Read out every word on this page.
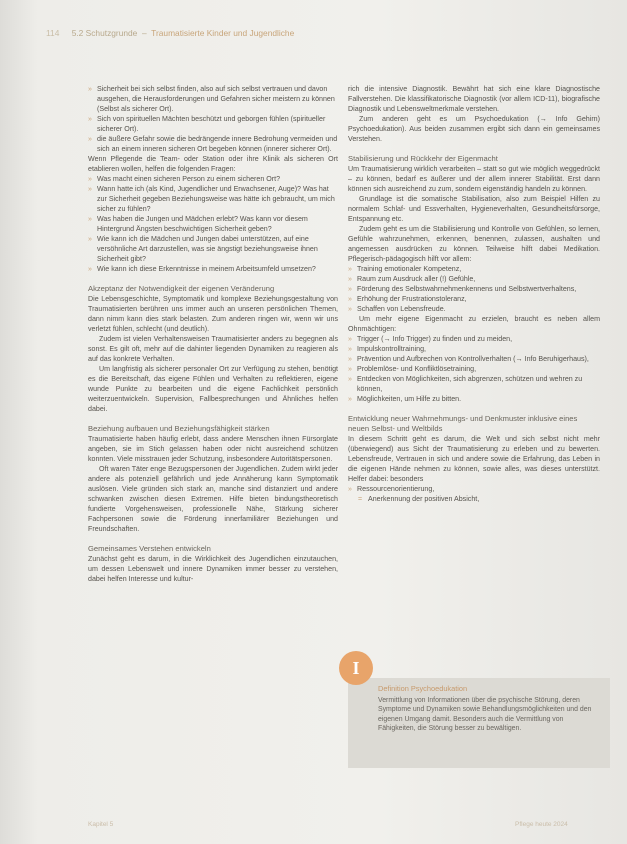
114 5.2 Schutzgrunde  –  Traumatisierte Kinder und Jugendliche
» Sicherheit bei sich selbst finden, also auf sich selbst vertrauen und davon ausgehen, die Herausforderungen und Gefahren sicher meistern zu können (Selbst als sicherer Ort).
» Sich von spirituellen Mächten beschützt und geborgen fühlen (spiritueller sicherer Ort).
» die äußere Gefahr sowie die bedrängende innere Bedrohung vermeiden und sich an einem inneren sicheren Ort begeben können (innerer sicherer Ort).

Wenn Pflegende die Team- oder Station oder ihre Klinik als sicheren Ort etablieren wollen, helfen die folgenden Fragen:

» Was macht einen sicheren Person zu einem sicheren Ort?
» Wann hatte ich (als Kind, Jugendlicher und Erwachsener, Auge)? Was hat zur Sicherheit gegeben Beziehungsweise was hätte ich gebraucht, um mich sicher zu fühlen?
» Was haben die Jungen und Mädchen erlebt? Was kann vor diesem Hintergrund Ängsten beschwichtigen Sicherheit geben?
» Wie kann ich die Mädchen und Jungen dabei unterstützen, auf eine versöhnliche Art darzustellen, was sie ängstigt beziehungsweise ihnen Sicherheit gibt?
» Wie kann ich diese Erkenntnisse in meinem Arbeitsumfeld umsetzen?
Akzeptanz der Notwendigkeit der eigenen Veränderung

Die Lebensgeschichte, Symptomatik und komplexe Beziehungsgestaltung von Traumatisierten berühren uns immer auch an unseren persönlichen Themen, dann nimm kann dies stark belasten. Zum anderen ringen wir, wenn wir uns verletzt fühlen, schlecht (und deutlich).

Zudem ist vielen Verhaltensweisen Traumatisierter anders zu begegnen als sonst. Es gilt oft, mehr auf die dahinter liegenden Dynamiken zu reagieren als auf das konkrete Verhalten.

Um langfristig als sicherer personaler Ort zur Verfügung zu stehen, benötigt es die Bereitschaft, das eigene Fühlen und Verhalten zu reflektieren, eigene wunde Punkte zu bearbeiten und die eigene Fachlichkeit persönlich weiterzuentwickeln. Supervision, Fallbesprechungen und Ähnliches helfen dabei.

Beziehung aufbauen und Beziehungsfähigkeit stärken

Traumatisierte haben häufig erlebt, dass andere Menschen ihnen Fürsorglate angeben, sie im Stich gelassen haben oder nicht ausreichend schützen konnten. Viele misstrauen jeder Schutzung, insbesondere Autoritätspersonen.

Oft waren Täter enge Bezugspersonen der Jugendlichen. Zudem wirkt jeder andere als potenziell gefährlich und jede Annäherung kann Symptomatik auslösen. Viele gründen sich stark an, manche sind distanziert und andere schwanken zwischen diesen Extremen. Hilfe bieten bindungstheoretisch fundierte Vorgehensweisen, professionelle Nähe, Stärkung sicherer Fachpersonen sowie die Förderung innerfamiliärer Beziehungen und Freundschaften.

Gemeinsames Verstehen entwickeln

Zunächst geht es darum, in die Wirklichkeit des Jugendlichen einzutauchen, um dessen Lebenswelt und innere Dynamiken immer besser zu verstehen, dabei helfen Interesse und kultur-

rich die intensive Diagnostik. Bewährt hat sich eine klare Diagnostische Fallverstehen. Die klassifikatorische Diagnostik (vor allem ICD-11), biografische Diagnostik und Lebensweltmerkmale verstehen.

Zum anderen geht es um Psychoedukation (→ Info Gehirn) Psychoedukation). Aus beiden zusammen ergibt sich dann ein gemeinsames Verstehen.

Stabilisierung und Rückkehr der Eigenmacht

Um Traumatisierung wirklich verarbeiten – statt so gut wie möglich weggedrückt – zu können, bedarf es äußerer und der allem innerer Stabilität. Erst dann können sich ausreichend zu zum, sondern eigenständig handeln zu können.

Grundlage ist die somatische Stabilisation, also zum Beispiel Hilfen zu normalem Schlaf- und Essverhalten, Hygieneverhalten, Gesundheitsfürsorge, Entspannung etc.

Zudem geht es um die Stabilisierung und Kontrolle von Gefühlen, so lernen, Gefühle wahrzunehmen, erkennen, benennen, zulassen, aushalten und angemessen ausdrücken zu können. Teilweise hilft dabei Medikation. Pflegerisch-pädagogisch hilft vor allem:

» Training emotionaler Kompetenz,
» Raum zum Ausdruck aller (!) Gefühle,
» Förderung des Selbstwahrnehmenkennens und Selbstwertverhaltens,
» Erhöhung der Frustrationstoleranz,
» Schaffen von Lebensfreude.

Um mehr eigene Eigenmacht zu erzielen, braucht es neben allem Ohnmächtigen:

» Trigger (→ Info Trigger) zu finden und zu meiden,
» Impulskontrolltraining,
» Prävention und Aufbrechen von Kontrollverhalten (→ Info Beruhigerhaus),
» Problemlöse- und Konfliktlösetraining,
» Entdecken von Möglichkeiten, sich abgrenzen, schützen und wehren zu können,
» Möglichkeiten, um Hilfe zu bitten.
Entwicklung neuer Wahrnehmungs- und Denkmuster inklusive eines neuen Selbst- und Weltbilds

In diesem Schritt geht es darum, die Welt und sich selbst nicht mehr (überwiegend) aus Sicht der Traumatisierung zu erleben und zu bewerten. Lebensfreude, Vertrauen in sich und andere sowie die Erfahrung, das Leben in die eigenen Hände nehmen zu können, sowie alles, was dieses unterstützt. Helfer dabei: besonders

» Ressourcenorientierung,
= Anerkennung der positiven Absicht,
Definition Psychoedukation
Vermittlung von Informationen über die psychische Störung, deren Symptome und Dynamiken sowie Behandlungsmöglichkeiten und den eigenen Umgang damit. Besonders auch die Vermittlung von Fähigkeiten, die Störung besser zu bewältigen.
I
Kapitel 5	Pflege heute 2024
